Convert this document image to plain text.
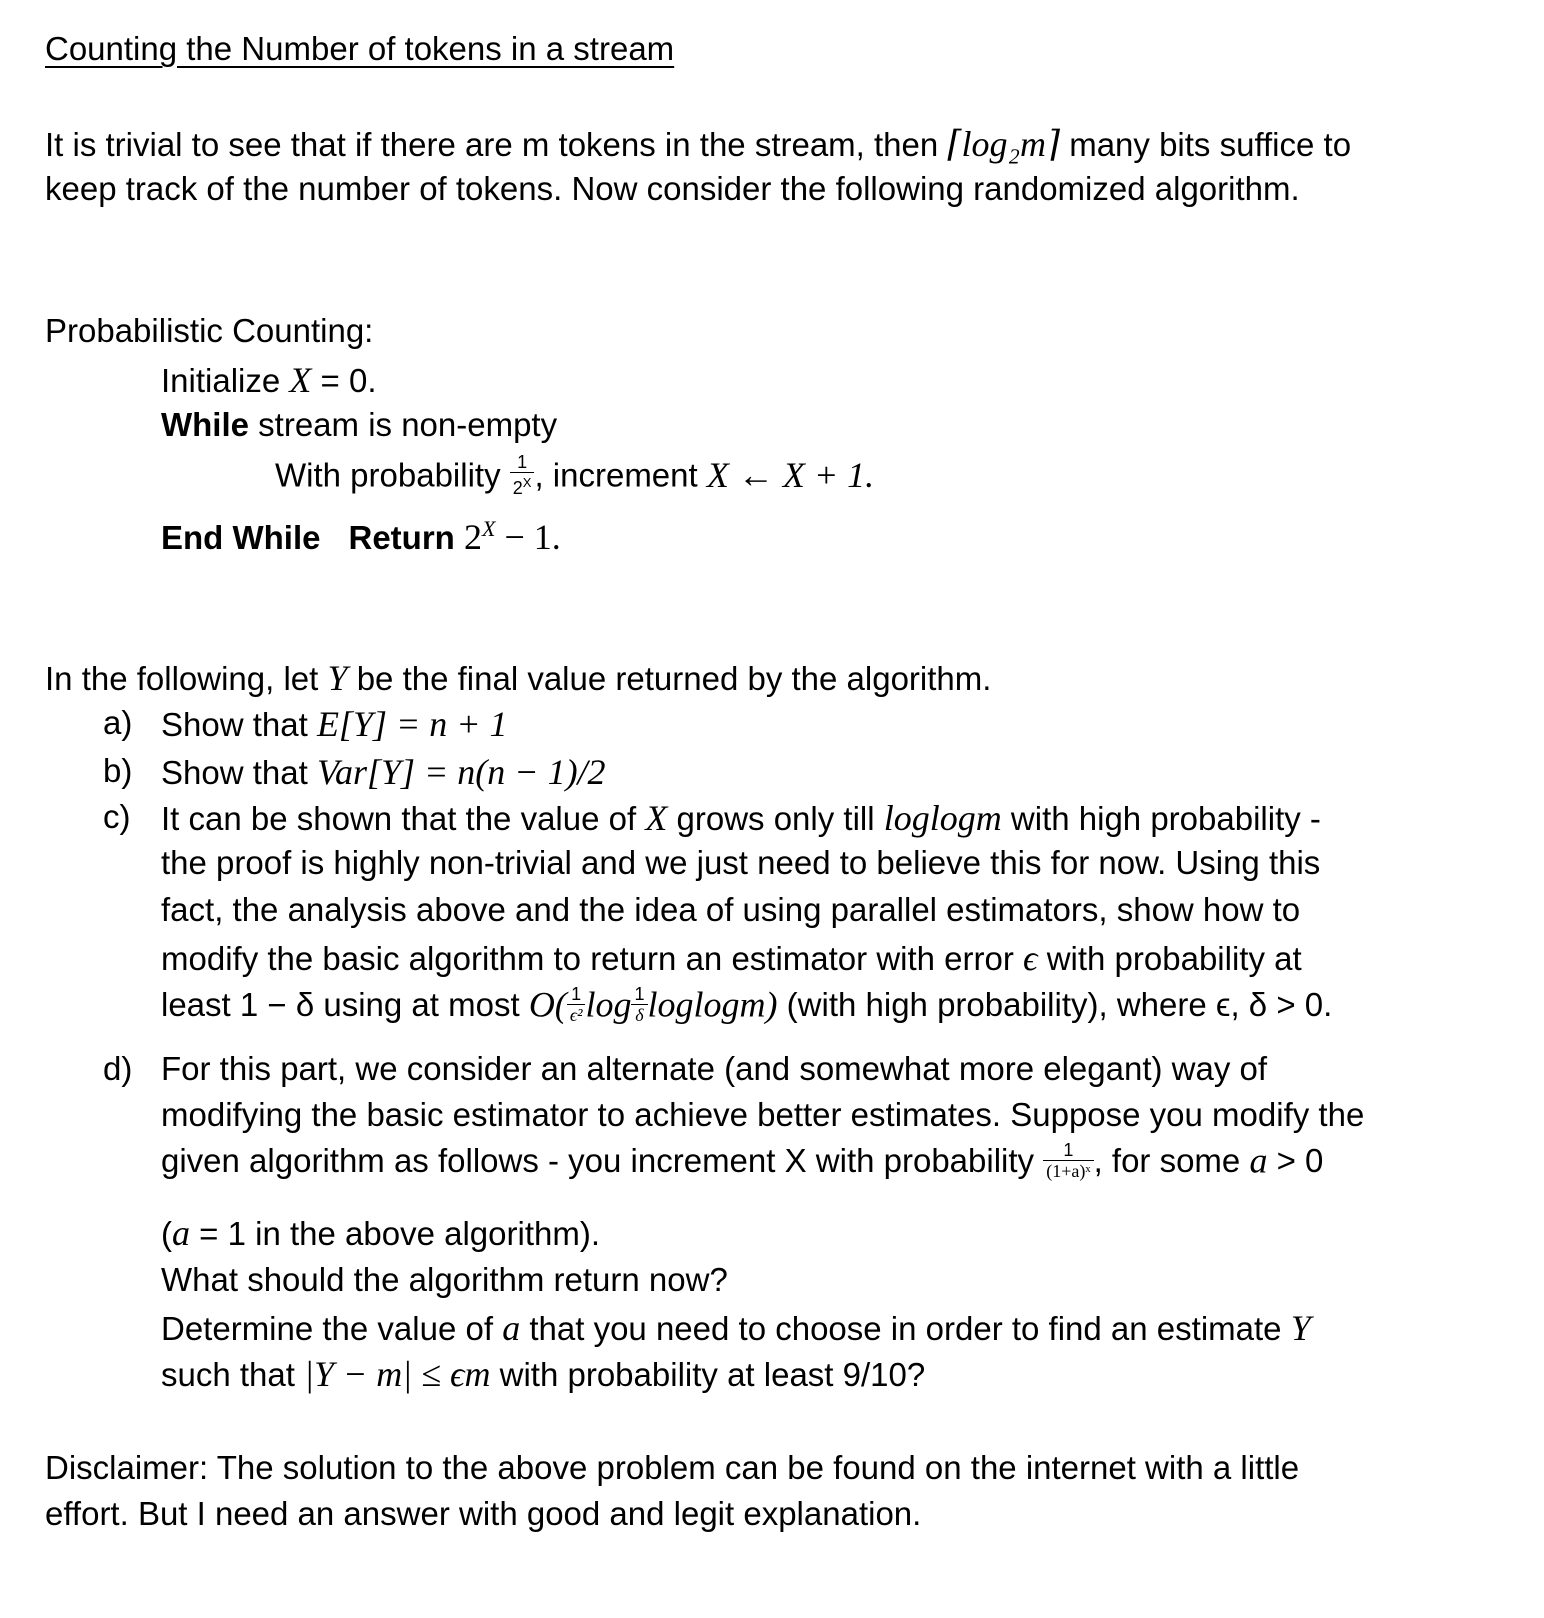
Counting the Number of tokens in a stream
It is trivial to see that if there are m tokens in the stream, then ⌈log₂m⌉ many bits suffice to
keep track of the number of tokens. Now consider the following randomized algorithm.
Probabilistic Counting:
Initialize X = 0.
While stream is non-empty
With probability $\frac{1}{2^X}$ , increment X ← X + 1.
End While Return $2^X - 1$.
In the following, let Y be the final value returned by the algorithm.
a) Show that E[Y] = n + 1
b) Show that Var[Y] = n(n − 1)/2
c) It can be shown that the value of X grows only till loglogm with high probability -
the proof is highly non-trivial and we just need to believe this for now. Using this
fact, the analysis above and the idea of using parallel estimators, show how to
modify the basic algorithm to return an estimator with error ϵ with probability at
least 1 − δ using at most $O( \frac{1}{\text{ϵ²}}$ $\log \frac{1}{\delta} loglogm$) (with high probability), where ϵ, δ > 0.
d) For this part, we consider an alternate (and somewhat more elegant) way of
modifying the basic estimator to achieve better estimates. Suppose you modify the
given algorithm as follows - you increment X with probability $\frac{1}{\text{(1+a)ˣ}}$ , for some a > 0
(a = 1 in the above algorithm).
What should the algorithm return now?
Determine the value of a that you need to choose in order to find an estimate Y
such that |Y − m| ≤ ϵm with probability at least 9/10?
Disclaimer: The solution to the above problem can be found on the internet with a little
effort. But I need an answer with good and legit explanation.
